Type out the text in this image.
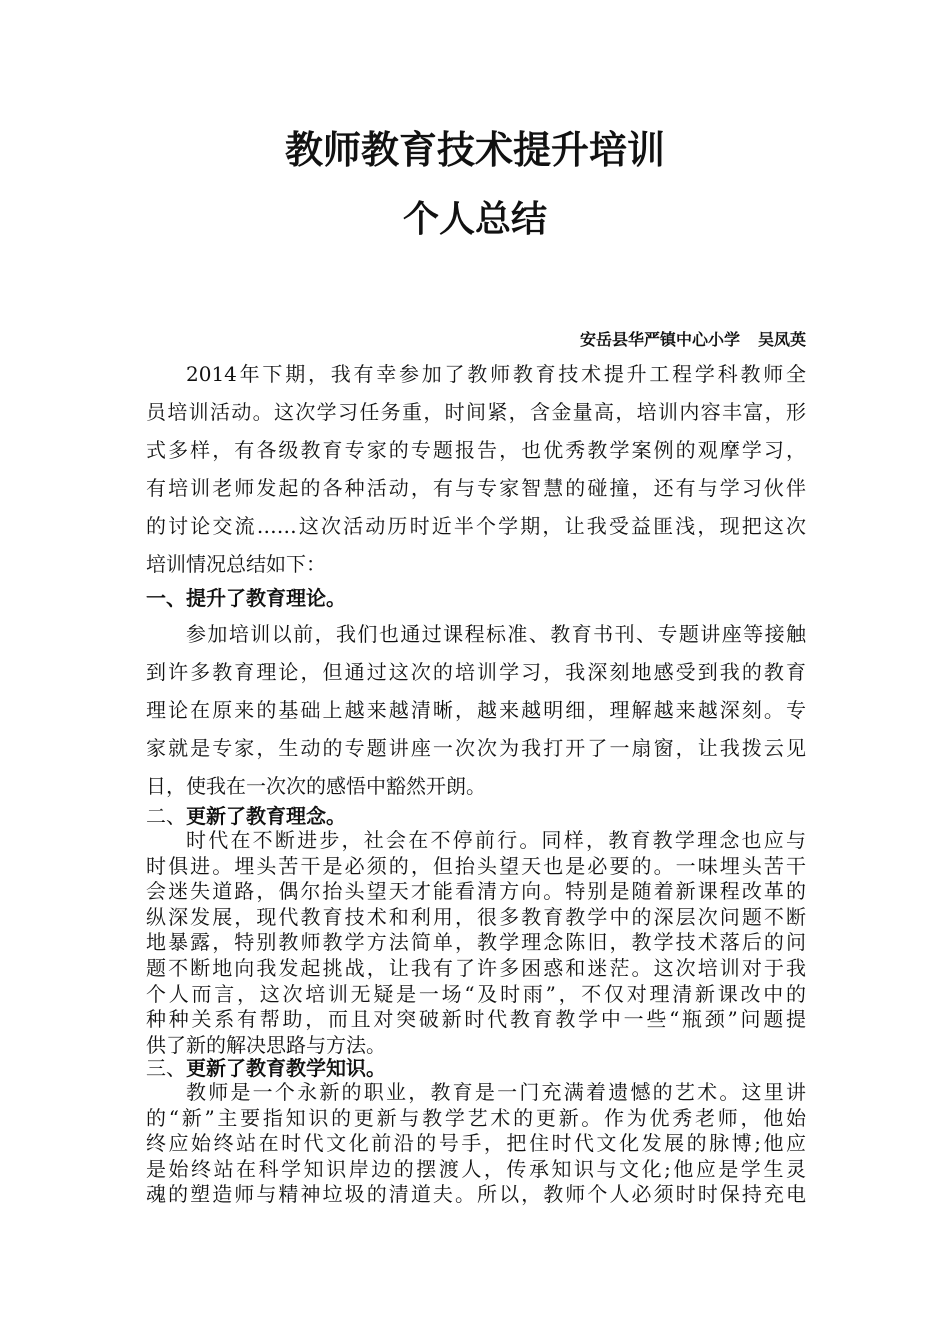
教师教育技术提升培训
个人总结
安岳县华严镇中心小学 吴凤英
2014年下期，我有幸参加了教师教育技术提升工程学科教师全
员培训活动。这次学习任务重，时间紧，含金量高，培训内容丰富，形
式多样，有各级教育专家的专题报告，也优秀教学案例的观摩学习，
有培训老师发起的各种活动，有与专家智慧的碰撞，还有与学习伙伴
的讨论交流……这次活动历时近半个学期，让我受益匪浅，现把这次
培训情况总结如下：
一、提升了教育理论。
参加培训以前，我们也通过课程标准、教育书刊、专题讲座等接触
到许多教育理论，但通过这次的培训学习，我深刻地感受到我的教育
理论在原来的基础上越来越清晰，越来越明细，理解越来越深刻。专
家就是专家，生动的专题讲座一次次为我打开了一扇窗，让我拨云见
日，使我在一次次的感悟中豁然开朗。
二、更新了教育理念。
时代在不断进步，社会在不停前行。同样，教育教学理念也应与
时俱进。埋头苦干是必须的，但抬头望天也是必要的。一味埋头苦干
会迷失道路，偶尔抬头望天才能看清方向。特别是随着新课程改革的
纵深发展，现代教育技术和利用，很多教育教学中的深层次问题不断
地暴露，特别教师教学方法简单，教学理念陈旧，教学技术落后的问
题不断地向我发起挑战，让我有了许多困惑和迷茫。这次培训对于我
个人而言，这次培训无疑是一场“及时雨”，不仅对理清新课改中的
种种关系有帮助，而且对突破新时代教育教学中一些“瓶颈”问题提
供了新的解决思路与方法。
三、更新了教育教学知识。
教师是一个永新的职业，教育是一门充满着遗憾的艺术。这里讲
的“新”主要指知识的更新与教学艺术的更新。作为优秀老师，他始
终应始终站在时代文化前沿的号手，把住时代文化发展的脉博;他应
是始终站在科学知识岸边的摆渡人，传承知识与文化;他应是学生灵
魂的塑造师与精神垃圾的清道夫。所以，教师个人必须时时保持充电
